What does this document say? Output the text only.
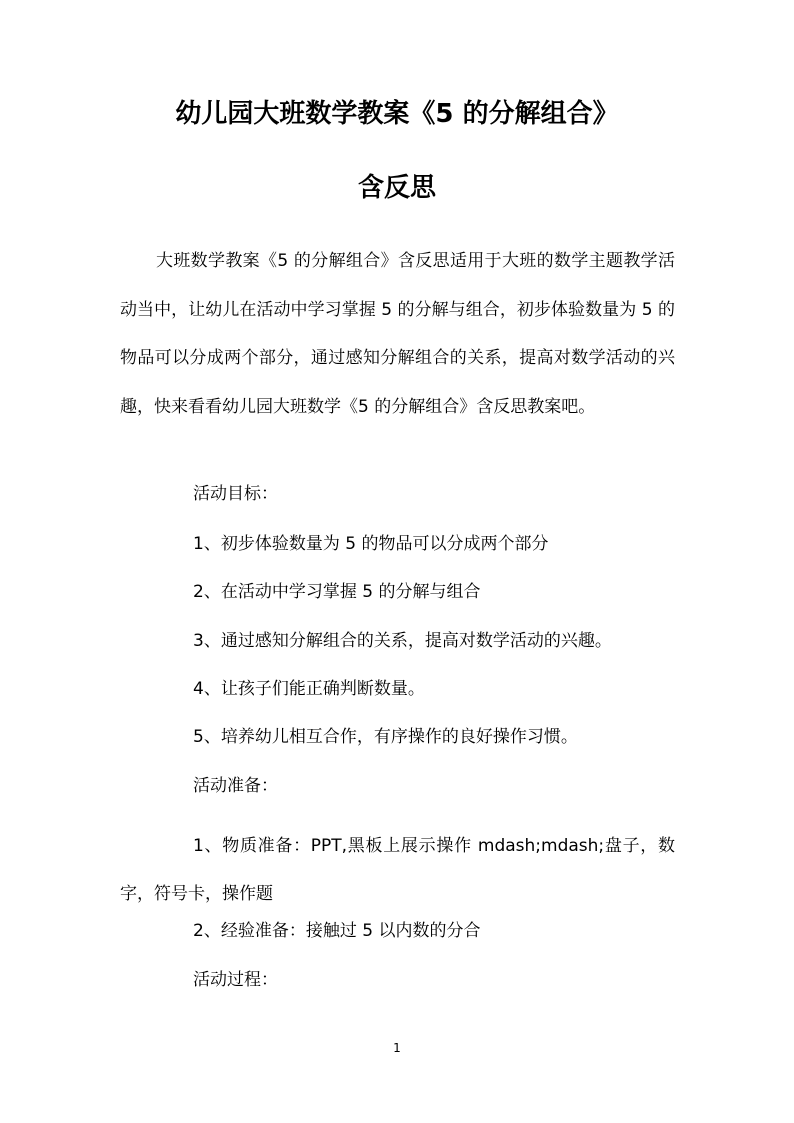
幼儿园大班数学教案《5 的分解组合》
含反思

大班数学教案《5 的分解组合》含反思适用于大班的数学主题教学活动当中，让幼儿在活动中学习掌握 5 的分解与组合，初步体验数量为 5 的物品可以分成两个部分，通过感知分解组合的关系，提高对数学活动的兴趣，快来看看幼儿园大班数学《5 的分解组合》含反思教案吧。

活动目标：

1、初步体验数量为 5 的物品可以分成两个部分

2、在活动中学习掌握 5 的分解与组合

3、通过感知分解组合的关系，提高对数学活动的兴趣。

4、让孩子们能正确判断数量。

5、培养幼儿相互合作，有序操作的良好操作习惯。

活动准备：

1、物质准备：PPT,黑板上展示操作 mdash;mdash;盘子，数字，符号卡，操作题

2、经验准备：接触过 5 以内数的分合

活动过程：

1
